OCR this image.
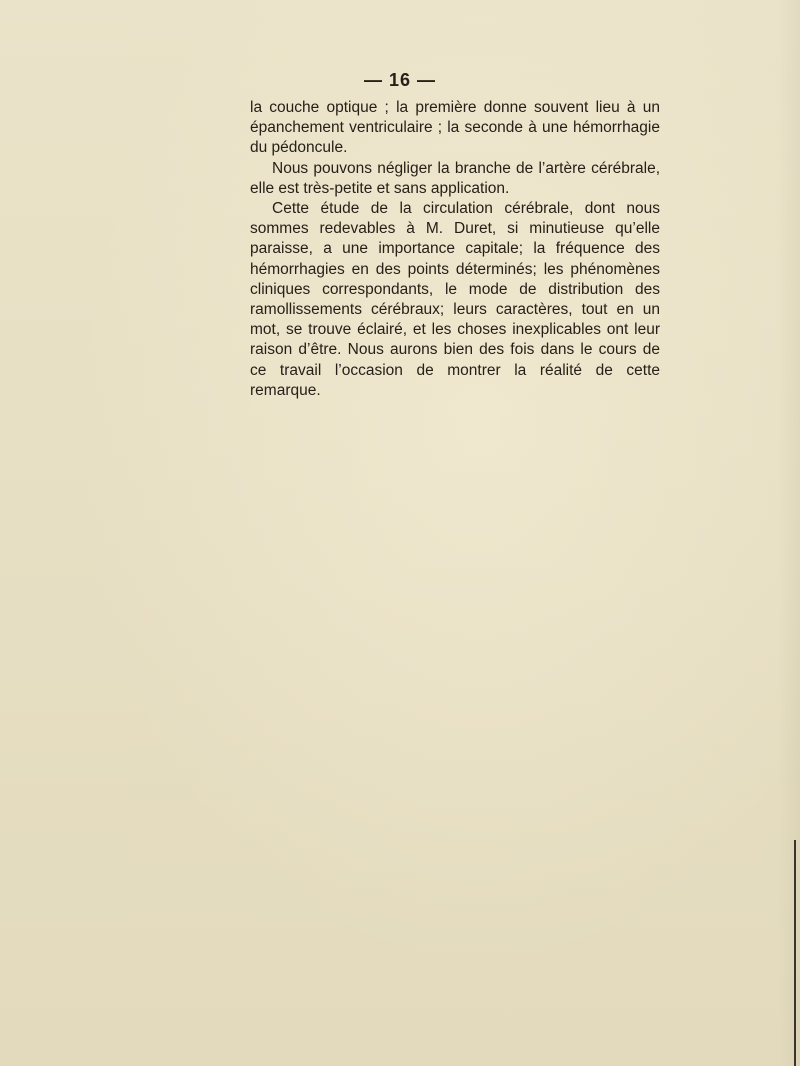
— 16 —

la couche optique ; la première donne souvent lieu à un épanchement ventriculaire ; la seconde à une hémorrhagie du pédoncule.

Nous pouvons négliger la branche de l’artère cérébrale, elle est très-petite et sans application.

Cette étude de la circulation cérébrale, dont nous sommes redevables à M. Duret, si minutieuse qu’elle paraisse, a une importance capitale; la fréquence des hémorrhagies en des points déterminés; les phénomènes cliniques correspondants, le mode de distribution des ramollissements cérébraux; leurs caractères, tout en un mot, se trouve éclairé, et les choses inexplicables ont leur raison d’être. Nous aurons bien des fois dans le cours de ce travail l’occasion de montrer la réalité de cette remarque.
